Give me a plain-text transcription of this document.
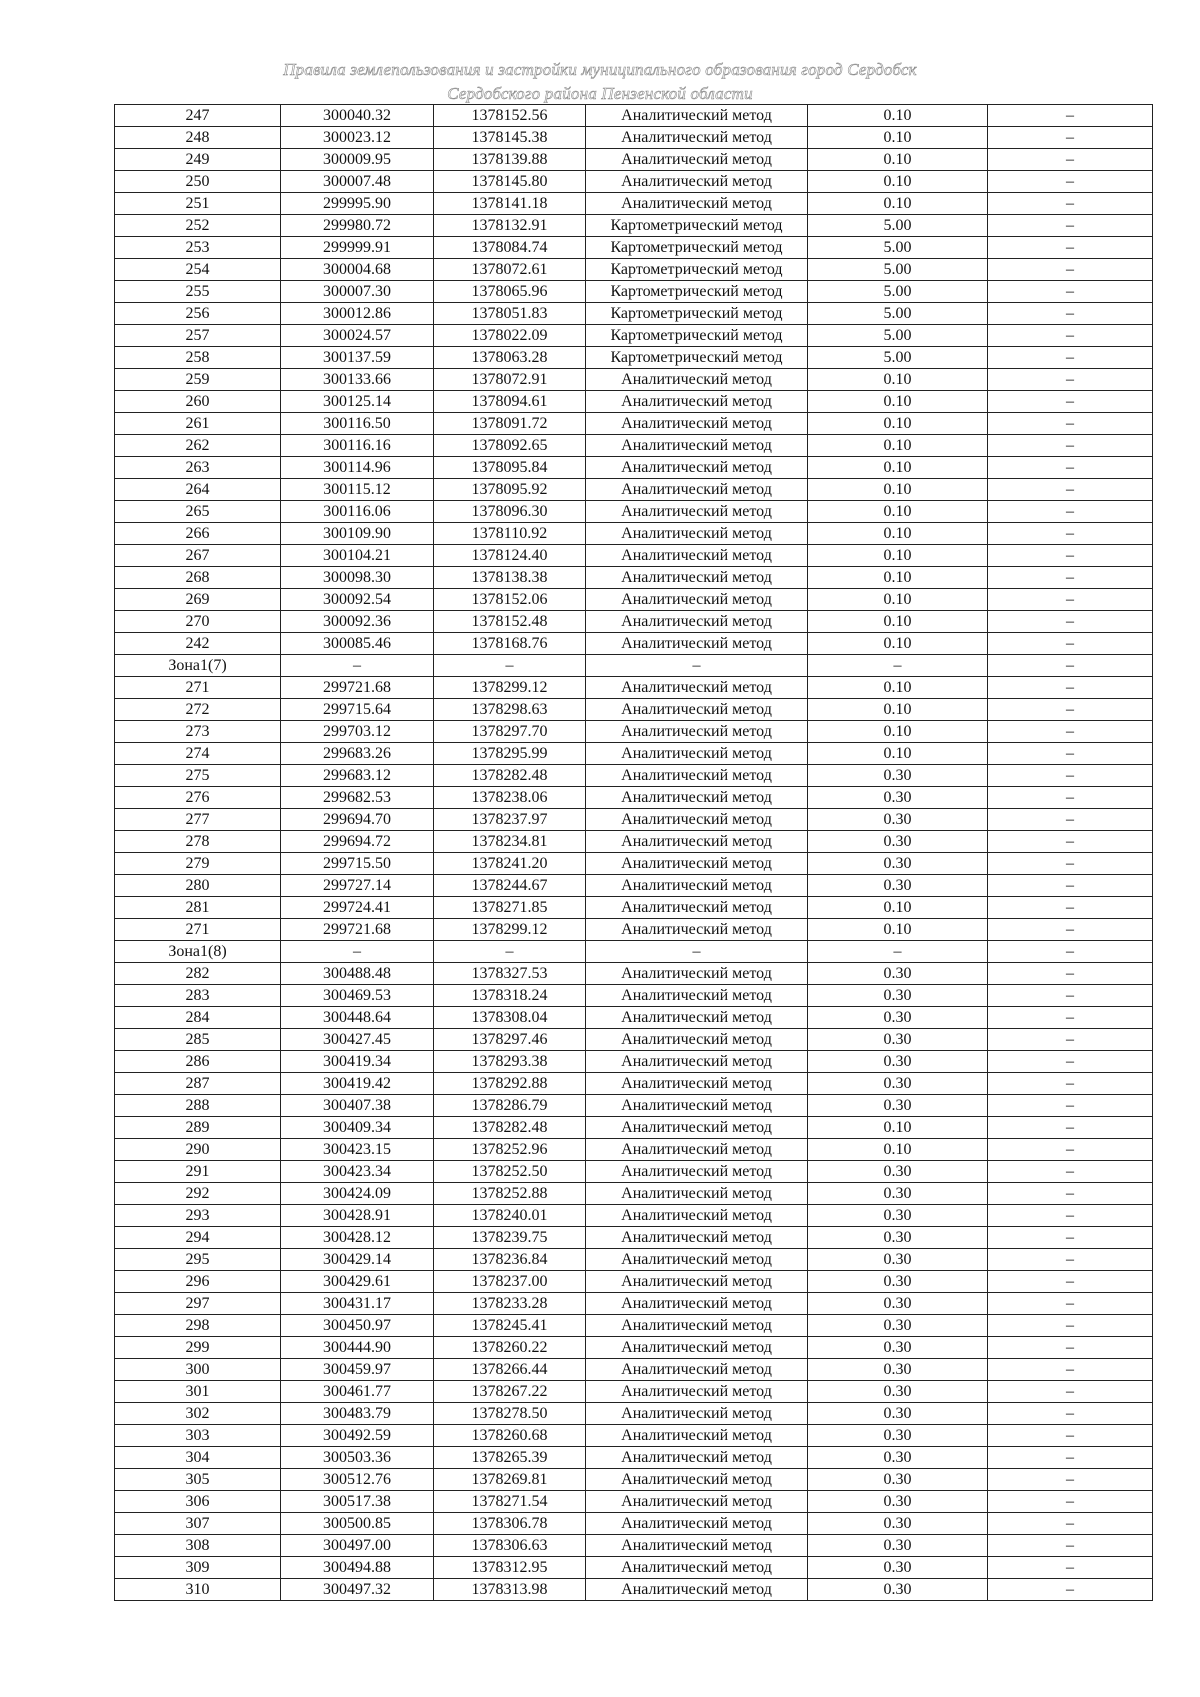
Правила землепользования и застройки муниципального образования город Сердобск
Сердобского района Пензенской области
247	300040.32	1378152.56	Аналитический метод	0.10	–
248	300023.12	1378145.38	Аналитический метод	0.10	–
249	300009.95	1378139.88	Аналитический метод	0.10	–
250	300007.48	1378145.80	Аналитический метод	0.10	–
251	299995.90	1378141.18	Аналитический метод	0.10	–
252	299980.72	1378132.91	Картометрический метод	5.00	–
253	299999.91	1378084.74	Картометрический метод	5.00	–
254	300004.68	1378072.61	Картометрический метод	5.00	–
255	300007.30	1378065.96	Картометрический метод	5.00	–
256	300012.86	1378051.83	Картометрический метод	5.00	–
257	300024.57	1378022.09	Картометрический метод	5.00	–
258	300137.59	1378063.28	Картометрический метод	5.00	–
259	300133.66	1378072.91	Аналитический метод	0.10	–
260	300125.14	1378094.61	Аналитический метод	0.10	–
261	300116.50	1378091.72	Аналитический метод	0.10	–
262	300116.16	1378092.65	Аналитический метод	0.10	–
263	300114.96	1378095.84	Аналитический метод	0.10	–
264	300115.12	1378095.92	Аналитический метод	0.10	–
265	300116.06	1378096.30	Аналитический метод	0.10	–
266	300109.90	1378110.92	Аналитический метод	0.10	–
267	300104.21	1378124.40	Аналитический метод	0.10	–
268	300098.30	1378138.38	Аналитический метод	0.10	–
269	300092.54	1378152.06	Аналитический метод	0.10	–
270	300092.36	1378152.48	Аналитический метод	0.10	–
242	300085.46	1378168.76	Аналитический метод	0.10	–
Зона1(7)	–	–	–	–	–
271	299721.68	1378299.12	Аналитический метод	0.10	–
272	299715.64	1378298.63	Аналитический метод	0.10	–
273	299703.12	1378297.70	Аналитический метод	0.10	–
274	299683.26	1378295.99	Аналитический метод	0.10	–
275	299683.12	1378282.48	Аналитический метод	0.30	–
276	299682.53	1378238.06	Аналитический метод	0.30	–
277	299694.70	1378237.97	Аналитический метод	0.30	–
278	299694.72	1378234.81	Аналитический метод	0.30	–
279	299715.50	1378241.20	Аналитический метод	0.30	–
280	299727.14	1378244.67	Аналитический метод	0.30	–
281	299724.41	1378271.85	Аналитический метод	0.10	–
271	299721.68	1378299.12	Аналитический метод	0.10	–
Зона1(8)	–	–	–	–	–
282	300488.48	1378327.53	Аналитический метод	0.30	–
283	300469.53	1378318.24	Аналитический метод	0.30	–
284	300448.64	1378308.04	Аналитический метод	0.30	–
285	300427.45	1378297.46	Аналитический метод	0.30	–
286	300419.34	1378293.38	Аналитический метод	0.30	–
287	300419.42	1378292.88	Аналитический метод	0.30	–
288	300407.38	1378286.79	Аналитический метод	0.30	–
289	300409.34	1378282.48	Аналитический метод	0.10	–
290	300423.15	1378252.96	Аналитический метод	0.10	–
291	300423.34	1378252.50	Аналитический метод	0.30	–
292	300424.09	1378252.88	Аналитический метод	0.30	–
293	300428.91	1378240.01	Аналитический метод	0.30	–
294	300428.12	1378239.75	Аналитический метод	0.30	–
295	300429.14	1378236.84	Аналитический метод	0.30	–
296	300429.61	1378237.00	Аналитический метод	0.30	–
297	300431.17	1378233.28	Аналитический метод	0.30	–
298	300450.97	1378245.41	Аналитический метод	0.30	–
299	300444.90	1378260.22	Аналитический метод	0.30	–
300	300459.97	1378266.44	Аналитический метод	0.30	–
301	300461.77	1378267.22	Аналитический метод	0.30	–
302	300483.79	1378278.50	Аналитический метод	0.30	–
303	300492.59	1378260.68	Аналитический метод	0.30	–
304	300503.36	1378265.39	Аналитический метод	0.30	–
305	300512.76	1378269.81	Аналитический метод	0.30	–
306	300517.38	1378271.54	Аналитический метод	0.30	–
307	300500.85	1378306.78	Аналитический метод	0.30	–
308	300497.00	1378306.63	Аналитический метод	0.30	–
309	300494.88	1378312.95	Аналитический метод	0.30	–
310	300497.32	1378313.98	Аналитический метод	0.30	–
